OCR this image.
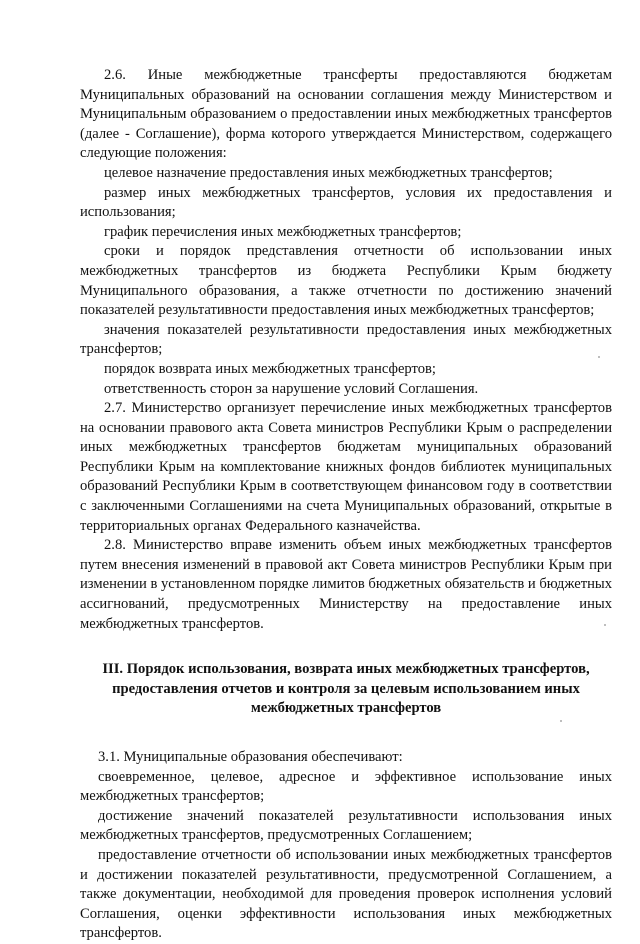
2.6. Иные межбюджетные трансферты предоставляются бюджетам Муниципальных образований на основании соглашения между Министерством и Муниципальным образованием о предоставлении иных межбюджетных трансфертов (далее - Соглашение), форма которого утверждается Министерством, содержащего следующие положения:

целевое назначение предоставления иных межбюджетных трансфертов;

размер иных межбюджетных трансфертов, условия их предоставления и использования;

график перечисления иных межбюджетных трансфертов;

сроки и порядок представления отчетности об использовании иных межбюджетных трансфертов из бюджета Республики Крым бюджету Муниципального образования, а также отчетности по достижению значений показателей результативности предоставления иных межбюджетных трансфертов;

значения показателей результативности предоставления иных межбюджетных трансфертов;

порядок возврата иных межбюджетных трансфертов;

ответственность сторон за нарушение условий Соглашения.

2.7. Министерство организует перечисление иных межбюджетных трансфертов на основании правового акта Совета министров Республики Крым о распределении иных межбюджетных трансфертов бюджетам муниципальных образований Республики Крым на комплектование книжных фондов библиотек муниципальных образований Республики Крым в соответствующем финансовом году в соответствии с заключенными Соглашениями на счета Муниципальных образований, открытые в территориальных органах Федерального казначейства.

2.8. Министерство вправе изменить объем иных межбюджетных трансфертов путем внесения изменений в правовой акт Совета министров Республики Крым при изменении в установленном порядке лимитов бюджетных обязательств и бюджетных ассигнований, предусмотренных Министерству на предоставление иных межбюджетных трансфертов.

III. Порядок использования, возврата иных межбюджетных трансфертов, предоставления отчетов и контроля за целевым использованием иных межбюджетных трансфертов

3.1. Муниципальные образования обеспечивают:

своевременное, целевое, адресное и эффективное использование иных межбюджетных трансфертов;

достижение значений показателей результативности использования иных межбюджетных трансфертов, предусмотренных Соглашением;

предоставление отчетности об использовании иных межбюджетных трансфертов и достижении показателей результативности, предусмотренной Соглашением, а также документации, необходимой для проведения проверок исполнения условий Соглашения, оценки эффективности использования иных межбюджетных трансфертов.
